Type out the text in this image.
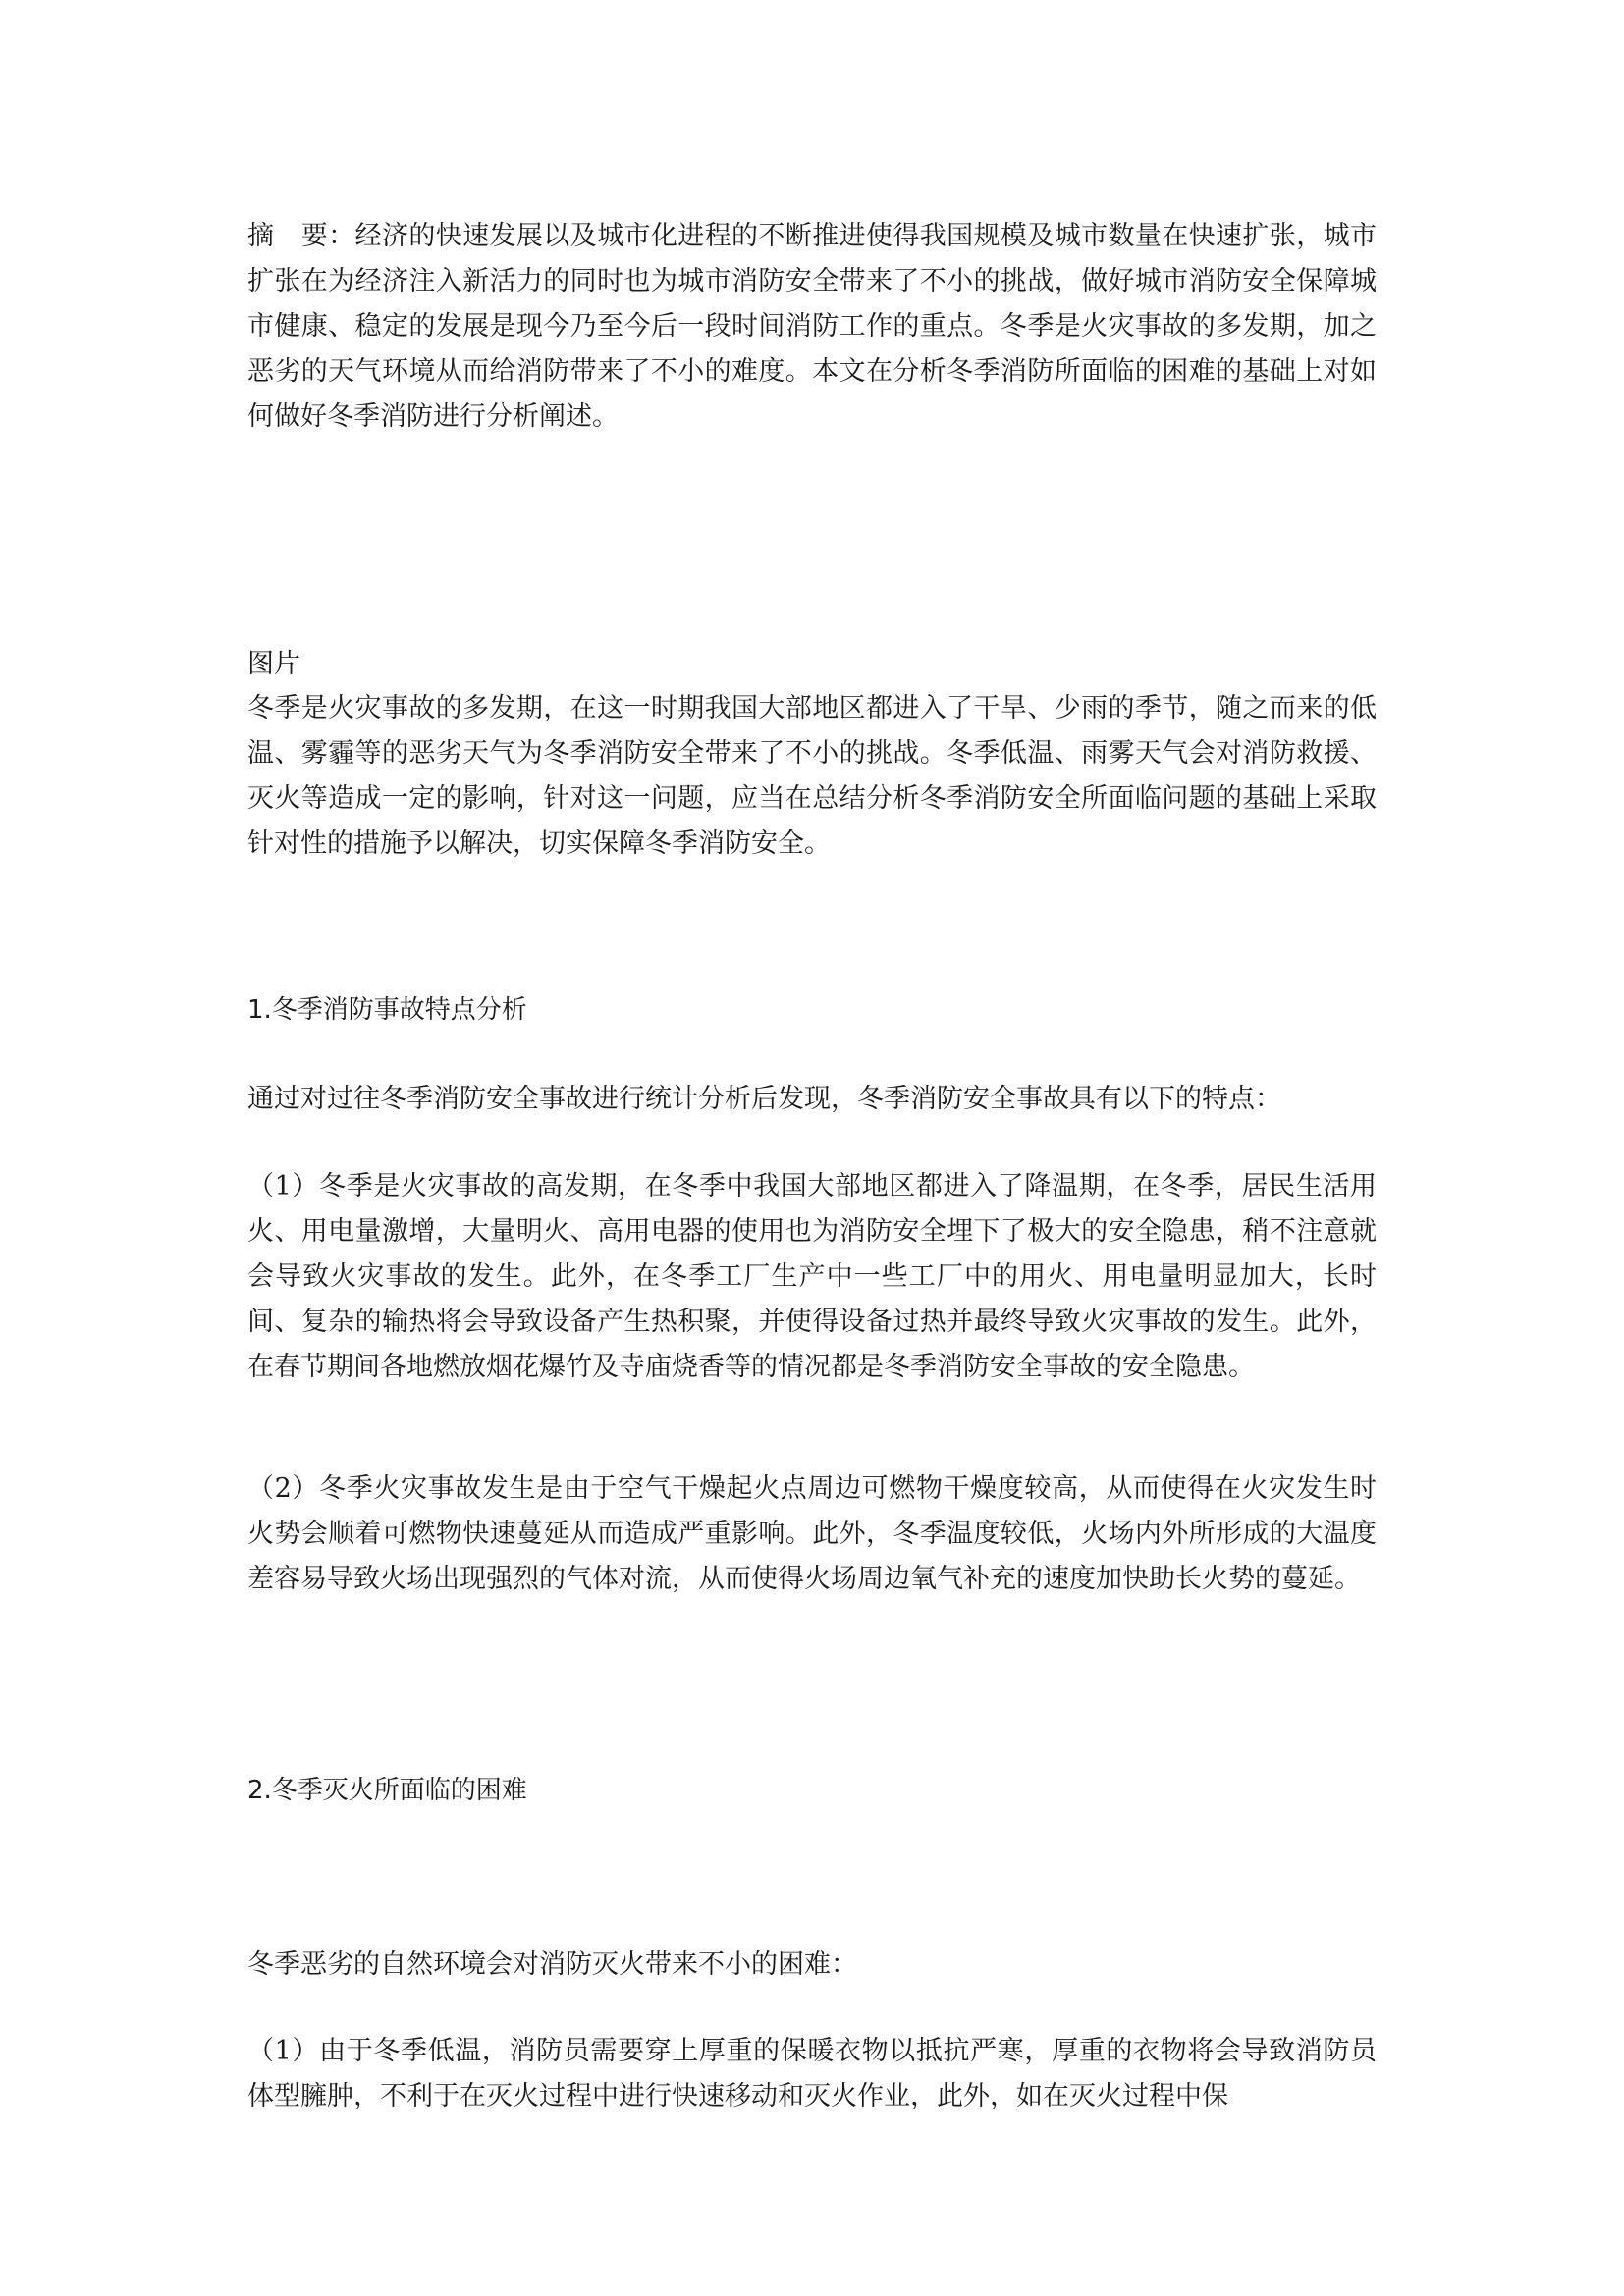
摘　要：经济的快速发展以及城市化进程的不断推进使得我国规模及城市数量在快速扩张，城市扩张在为经济注入新活力的同时也为城市消防安全带来了不小的挑战，做好城市消防安全保障城市健康、稳定的发展是现今乃至今后一段时间消防工作的重点。冬季是火灾事故的多发期，加之恶劣的天气环境从而给消防带来了不小的难度。本文在分析冬季消防所面临的困难的基础上对如何做好冬季消防进行分析阐述。

图片

冬季是火灾事故的多发期，在这一时期我国大部地区都进入了干旱、少雨的季节，随之而来的低温、雾霾等的恶劣天气为冬季消防安全带来了不小的挑战。冬季低温、雨雾天气会对消防救援、灭火等造成一定的影响，针对这一问题，应当在总结分析冬季消防安全所面临问题的基础上采取针对性的措施予以解决，切实保障冬季消防安全。

1.冬季消防事故特点分析

通过对过往冬季消防安全事故进行统计分析后发现，冬季消防安全事故具有以下的特点：

（1）冬季是火灾事故的高发期，在冬季中我国大部地区都进入了降温期，在冬季，居民生活用火、用电量激增，大量明火、高用电器的使用也为消防安全埋下了极大的安全隐患，稍不注意就会导致火灾事故的发生。此外，在冬季工厂生产中一些工厂中的用火、用电量明显加大，长时间、复杂的输热将会导致设备产生热积聚，并使得设备过热并最终导致火灾事故的发生。此外，在春节期间各地燃放烟花爆竹及寺庙烧香等的情况都是冬季消防安全事故的安全隐患。

（2）冬季火灾事故发生是由于空气干燥起火点周边可燃物干燥度较高，从而使得在火灾发生时火势会顺着可燃物快速蔓延从而造成严重影响。此外，冬季温度较低，火场内外所形成的大温度差容易导致火场出现强烈的气体对流，从而使得火场周边氧气补充的速度加快助长火势的蔓延。

2.冬季灭火所面临的困难

冬季恶劣的自然环境会对消防灭火带来不小的困难：

（1）由于冬季低温，消防员需要穿上厚重的保暖衣物以抵抗严寒，厚重的衣物将会导致消防员体型臃肿，不利于在灭火过程中进行快速移动和灭火作业，此外，如在灭火过程中保
